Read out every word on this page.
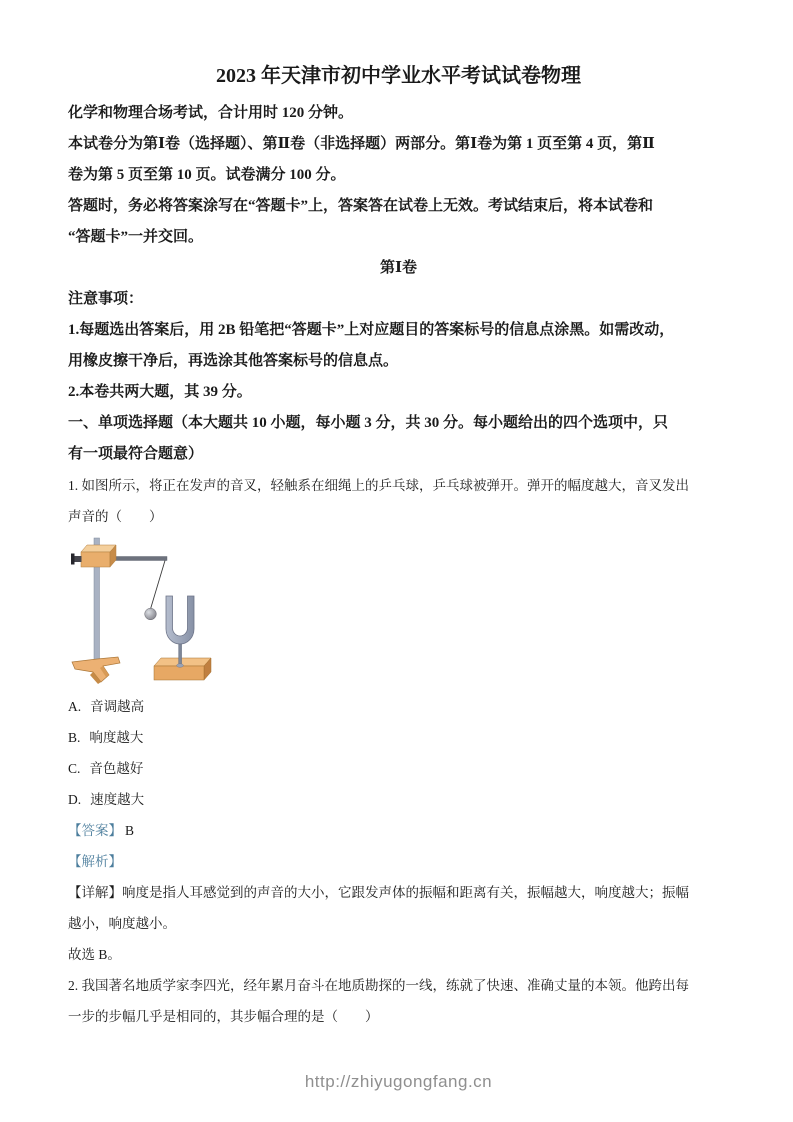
2023 年天津市初中学业水平考试试卷物理
化学和物理合场考试，合计用时 120 分钟。
本试卷分为第Ⅰ卷（选择题）、第Ⅱ卷（非选择题）两部分。第Ⅰ卷为第 1 页至第 4 页，第Ⅱ
卷为第 5 页至第 10 页。试卷满分 100 分。
答题时，务必将答案涂写在“答题卡”上，答案答在试卷上无效。考试结束后，将本试卷和
“答题卡”一并交回。
第Ⅰ卷
注意事项：
1.每题选出答案后，用 2B 铅笔把“答题卡”上对应题目的答案标号的信息点涂黑。如需改动，
用橡皮擦干净后，再选涂其他答案标号的信息点。
2.本卷共两大题，其 39 分。
一、单项选择题（本大题共 10 小题，每小题 3 分，共 30 分。每小题给出的四个选项中，只
有一项最符合题意）
1. 如图所示，将正在发声的音叉，轻触系在细绳上的乒乓球，乒乓球被弹开。弹开的幅度越大，音叉发出
声音的（　　）
A. 音调越高
B. 响度越大
C. 音色越好
D. 速度越大
【答案】 B
【解析】
【详解】响度是指人耳感觉到的声音的大小，它跟发声体的振幅和距离有关，振幅越大，响度越大；振幅
越小，响度越小。
故选 B。
2. 我国著名地质学家李四光，经年累月奋斗在地质勘探的一线，练就了快速、准确丈量的本领。他跨出每
一步的步幅几乎是相同的，其步幅合理的是（　　）
http://zhiyugongfang.cn
